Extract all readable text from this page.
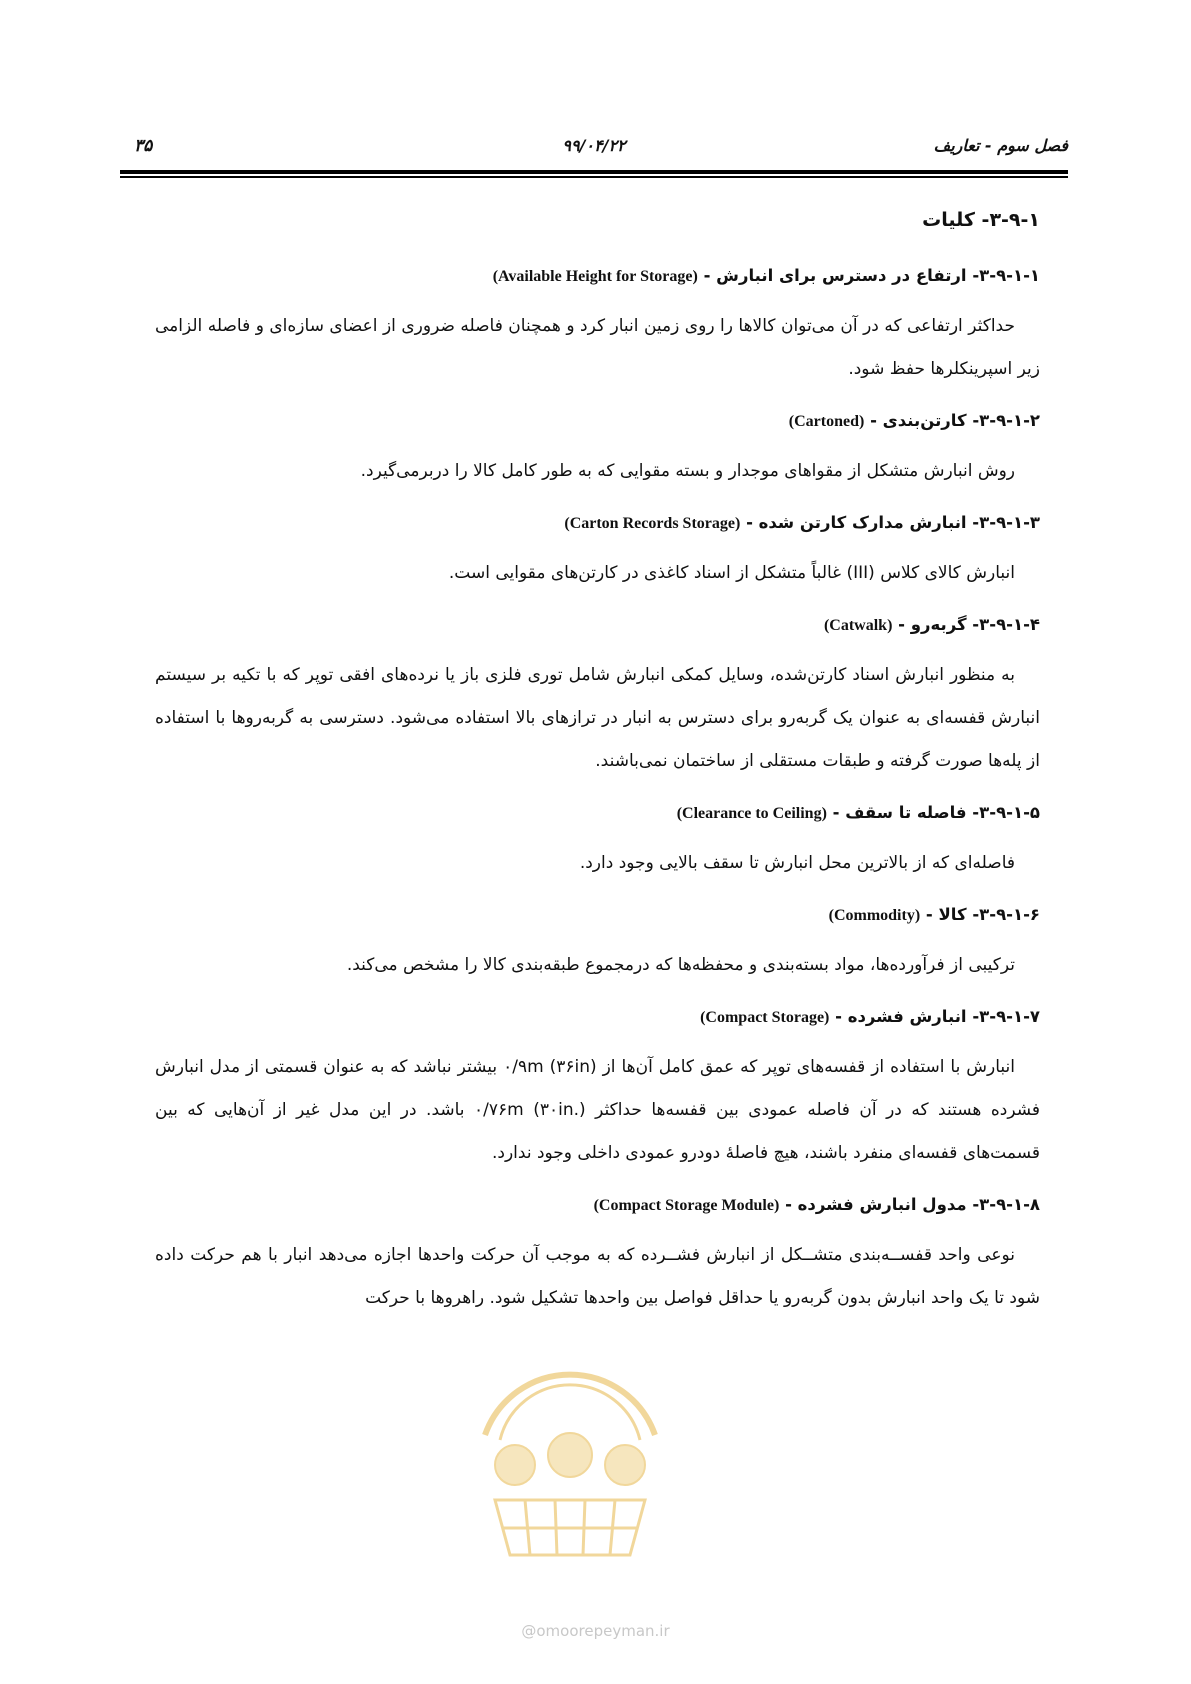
فصل سوم - تعاریف
۹۹/۰۴/۲۲
۳۵
۳-۹-۱- کلیات
۳-۹-۱-۱- ارتفاع در دسترس برای انبارش - (Available Height for Storage)

حداکثر ارتفاعی که در آن می‌توان کالاها را روی زمین انبار کرد و همچنان فاصله ضروری از اعضای سازه‌ای و فاصله الزامی زیر اسپرینکلرها حفظ شود.

۳-۹-۱-۲- کارتن‌بندی - (Cartoned)

روش انبارش متشکل از مقواهای موجدار و بسته مقوایی که به طور کامل کالا را دربرمی‌گیرد.

۳-۹-۱-۳- انبارش مدارک کارتن شده - (Carton Records Storage)

انبارش کالای کلاس (III) غالباً متشکل از اسناد کاغذی در کارتن‌های مقوایی است.

۳-۹-۱-۴- گربه‌رو - (Catwalk)

به منظور انبارش اسناد کارتن‌شده، وسایل کمکی انبارش شامل توری فلزی باز یا نرده‌های افقی توپر که با تکیه بر سیستم انبارش قفسه‌ای به عنوان یک گربه‌رو برای دسترس به انبار در ترازهای بالا استفاده می‌شود. دسترسی به گربه‌روها با استفاده از پله‌ها صورت گرفته و طبقات مستقلی از ساختمان نمی‌باشند.

۳-۹-۱-۵- فاصله تا سقف - (Clearance to Ceiling)

فاصله‌ای که از بالاترین محل انبارش تا سقف بالایی وجود دارد.

۳-۹-۱-۶- کالا - (Commodity)

ترکیبی از فرآورده‌ها، مواد بسته‌بندی و محفظه‌ها که درمجموع طبقه‌بندی کالا را مشخص می‌کند.

۳-۹-۱-۷- انبارش فشرده - (Compact Storage)

انبارش با استفاده از قفسه‌های توپر که عمق کامل آن‌ها از ۰/۹m (۳۶in) بیشتر نباشد که به عنوان قسمتی از مدل انبارش فشرده هستند که در آن فاصله عمودی بین قفسه‌ها حداکثر ۰/۷۶m (۳۰in.) باشد. در این مدل غیر از آن‌هایی که بین قسمت‌های قفسه‌ای منفرد باشند، هیچ فاصلهٔ دودرو عمودی داخلی وجود ندارد.

۳-۹-۱-۸- مدول انبارش فشرده - (Compact Storage Module)

نوعی واحد قفســه‌بندی متشــکل از انبارش فشــرده که به موجب آن حرکت واحدها اجازه می‌دهد انبار با هم حرکت داده شود تا یک واحد انبارش بدون گربه‌رو یا حداقل فواصل بین واحدها تشکیل شود. راهروها با حرکت

@omoorepeyman.ir
